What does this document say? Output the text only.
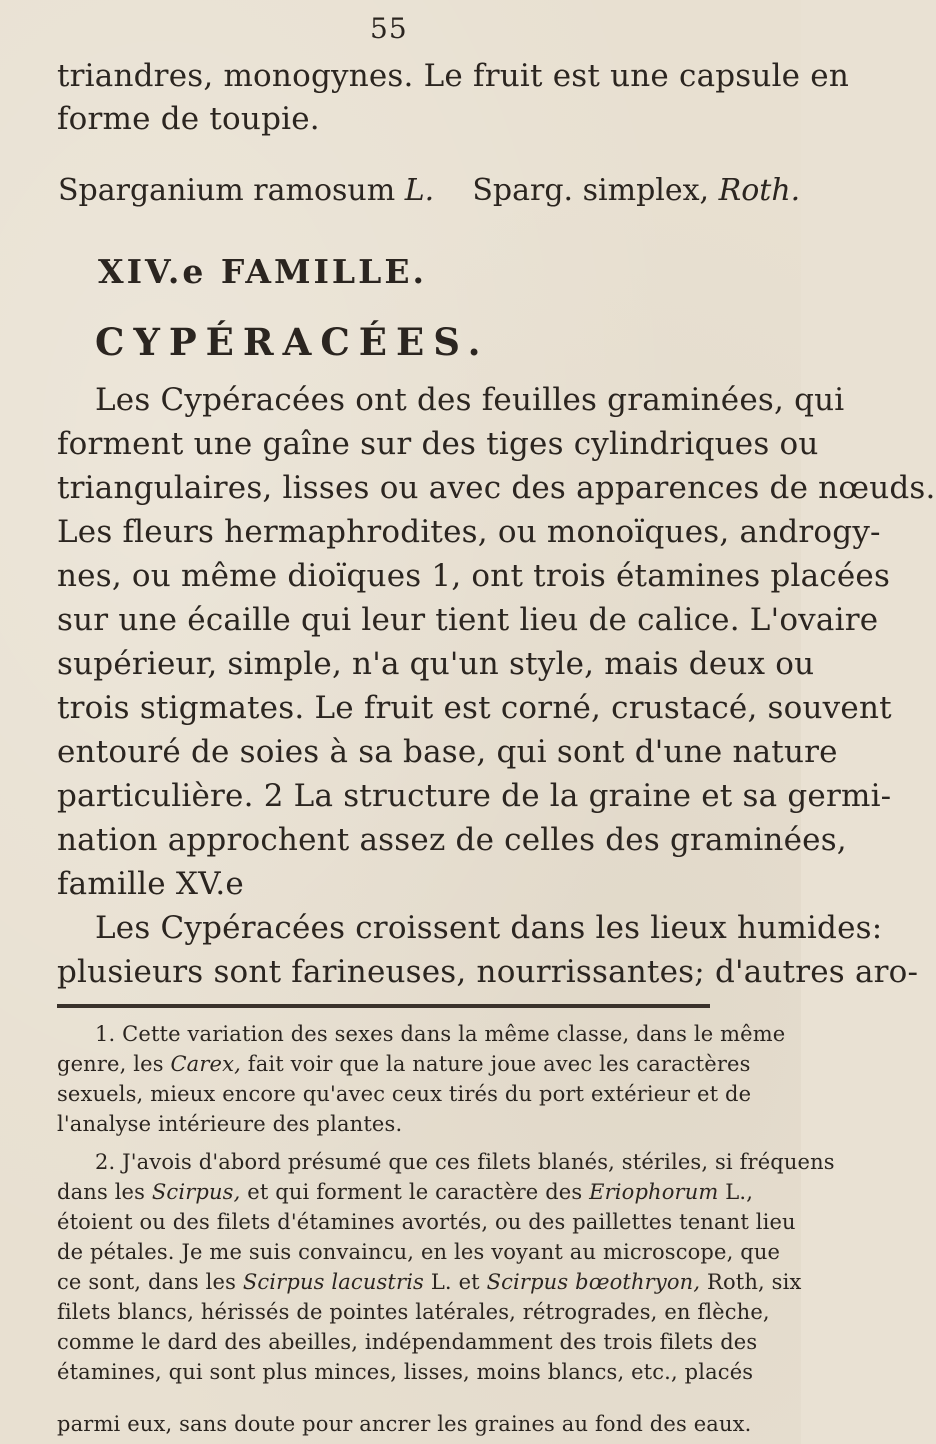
55
triandres, monogynes. Le fruit est une capsule en
forme de toupie.
Sparganium ramosum L. Sparg. simplex, Roth.
XIV.e FAMILLE.
CYPÉRACÉES.
Les Cypéracées ont des feuilles graminées, qui
forment une gaîne sur des tiges cylindriques ou
triangulaires, lisses ou avec des apparences de nœuds.
Les fleurs hermaphrodites, ou monoïques, androgy-
nes, ou même dioïques 1, ont trois étamines placées
sur une écaille qui leur tient lieu de calice. L'ovaire
supérieur, simple, n'a qu'un style, mais deux ou
trois stigmates. Le fruit est corné, crustacé, souvent
entouré de soies à sa base, qui sont d'une nature
particulière. 2 La structure de la graine et sa germi-
nation approchent assez de celles des graminées,
famille XV.e
Les Cypéracées croissent dans les lieux humides:
plusieurs sont farineuses, nourrissantes; d'autres aro-
1. Cette variation des sexes dans la même classe, dans le même
genre, les Carex, fait voir que la nature joue avec les caractères
sexuels, mieux encore qu'avec ceux tirés du port extérieur et de
l'analyse intérieure des plantes.
2. J'avois d'abord présumé que ces filets blanés, stériles, si fréquens
dans les Scirpus, et qui forment le caractère des Eriophorum L.,
étoient ou des filets d'étamines avortés, ou des paillettes tenant lieu
de pétales. Je me suis convaincu, en les voyant au microscope, que
ce sont, dans les Scirpus lacustris L. et Scirpus bœothryon, Roth, six
filets blancs, hérissés de pointes latérales, rétrogrades, en flèche,
comme le dard des abeilles, indépendamment des trois filets des
étamines, qui sont plus minces, lisses, moins blancs, etc., placés
parmi eux, sans doute pour ancrer les graines au fond des eaux.
